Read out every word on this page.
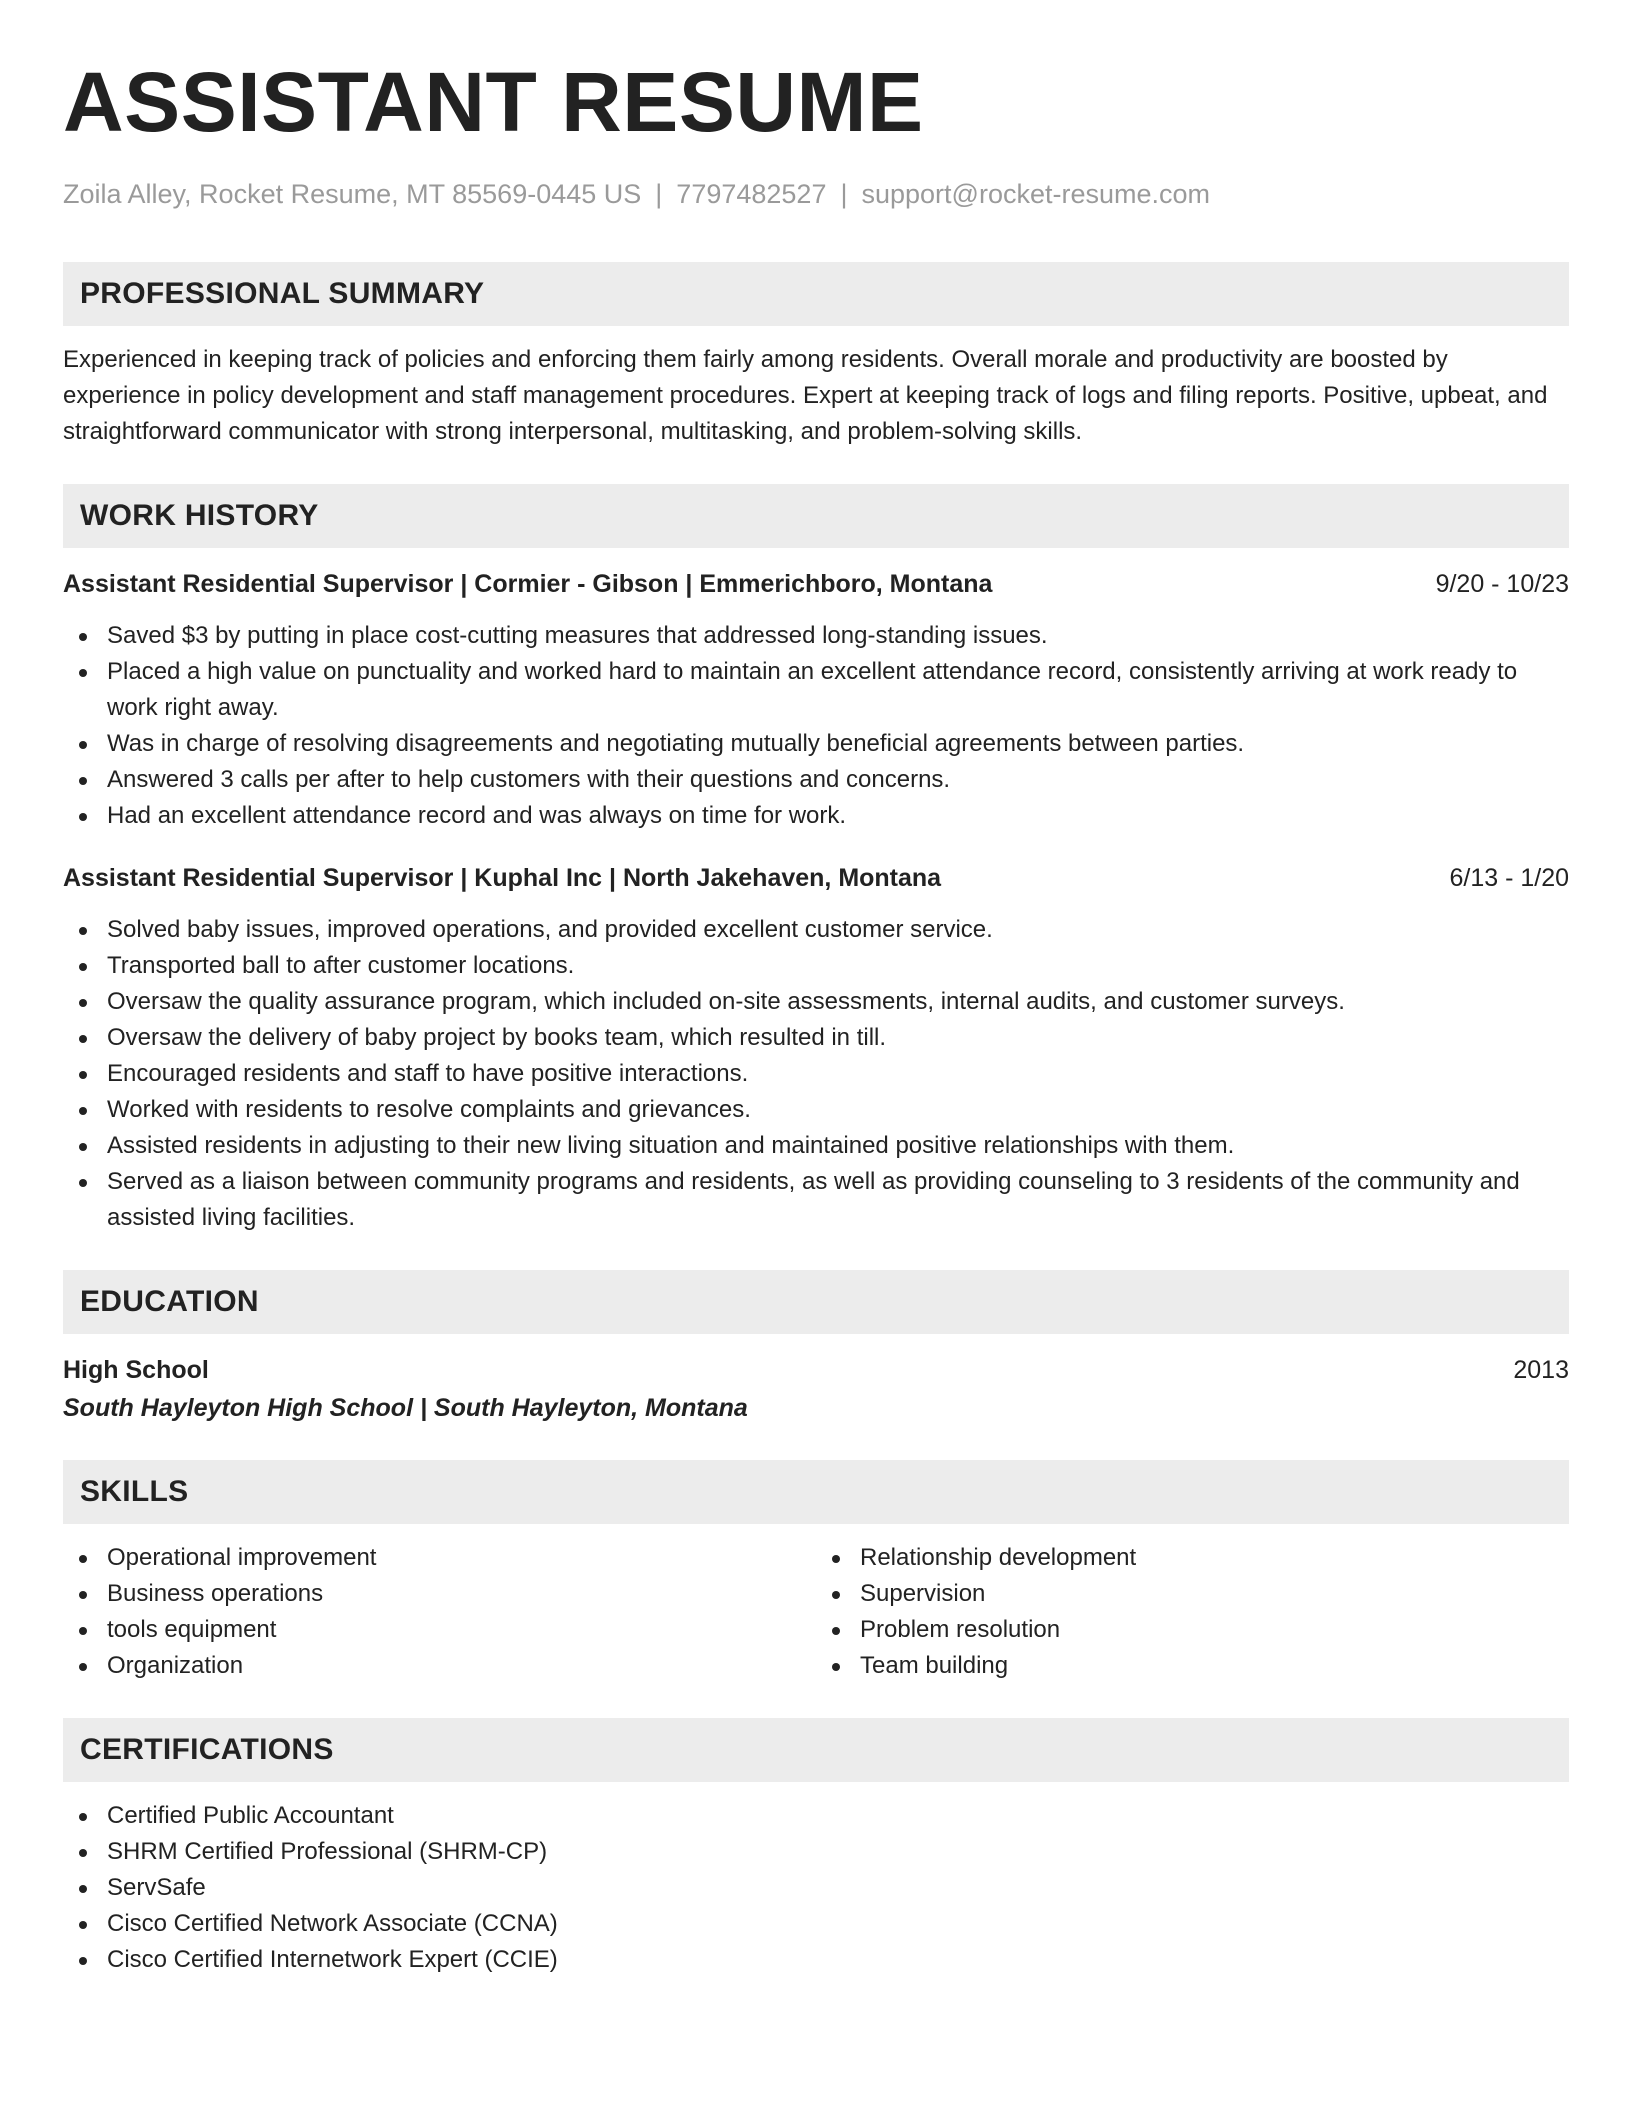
ASSISTANT RESUME
Zoila Alley, Rocket Resume, MT 85569-0445 US | 7797482527 | support@rocket-resume.com
PROFESSIONAL SUMMARY
Experienced in keeping track of policies and enforcing them fairly among residents. Overall morale and productivity are boosted by experience in policy development and staff management procedures. Expert at keeping track of logs and filing reports. Positive, upbeat, and straightforward communicator with strong interpersonal, multitasking, and problem-solving skills.
WORK HISTORY
Assistant Residential Supervisor | Cormier - Gibson | Emmerichboro, Montana	9/20 - 10/23
Saved $3 by putting in place cost-cutting measures that addressed long-standing issues.
Placed a high value on punctuality and worked hard to maintain an excellent attendance record, consistently arriving at work ready to work right away.
Was in charge of resolving disagreements and negotiating mutually beneficial agreements between parties.
Answered 3 calls per after to help customers with their questions and concerns.
Had an excellent attendance record and was always on time for work.
Assistant Residential Supervisor | Kuphal Inc | North Jakehaven, Montana	6/13 - 1/20
Solved baby issues, improved operations, and provided excellent customer service.
Transported ball to after customer locations.
Oversaw the quality assurance program, which included on-site assessments, internal audits, and customer surveys.
Oversaw the delivery of baby project by books team, which resulted in till.
Encouraged residents and staff to have positive interactions.
Worked with residents to resolve complaints and grievances.
Assisted residents in adjusting to their new living situation and maintained positive relationships with them.
Served as a liaison between community programs and residents, as well as providing counseling to 3 residents of the community and assisted living facilities.
EDUCATION
High School	2013
South Hayleyton High School | South Hayleyton, Montana
SKILLS
Operational improvement
Business operations
tools equipment
Organization
Relationship development
Supervision
Problem resolution
Team building
CERTIFICATIONS
Certified Public Accountant
SHRM Certified Professional (SHRM-CP)
ServSafe
Cisco Certified Network Associate (CCNA)
Cisco Certified Internetwork Expert (CCIE)
